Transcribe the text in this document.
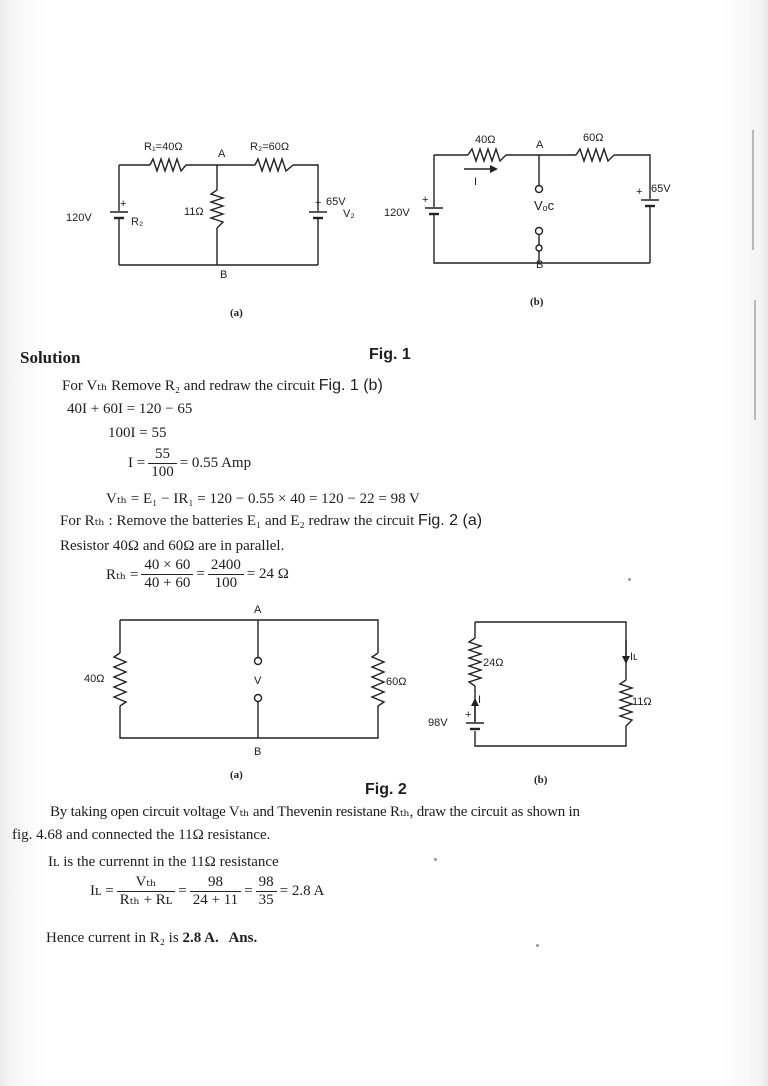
R₁=40Ω	R₂=60Ω
A
B
+
120V	R₂
11Ω
+ 65V
V₂
(a)
40Ω	60Ω
A
I
Vₒᴄ
B
+
120V
+ 65V
(b)
Fig. 1
Solution
For Vₜₕ Remove R₂ and redraw the circuit Fig. 1 (b)
40I + 60I = 120 − 65
100I = 55
$I = \frac{55}{100} = 0.55$ Amp
Vₜₕ = E₁ − IR₁ = 120 − 0.55 × 40 = 120 − 22 = 98 V
For Rₜₕ : Remove the batteries E₁ and E₂ redraw the circuit Fig. 2 (a)
Resistor 40Ω and 60Ω are in parallel.
$R_{th} = \frac{40 \times 60}{40 + 60} = \frac{2400}{100} = 24$ Ω
A
V
B
40Ω	60Ω
(a)
24Ω
I
+
98V
Iʟ
11Ω
(b)
Fig. 2
By taking open circuit voltage Vₜₕ and Thevenin resistane Rₜₕ, draw the circuit as shown in
fig. 4.68 and connected the 11Ω resistance.
Iʟ is the currennt in the 11Ω resistance
Iʟ = $\frac{\text{Vₜₕ}}{\text{Rₜₕ + Rʟ}} = \frac{98}{24 + 11} = \frac{98}{35} = 2.8$ A
Hence current in R₂ is 2.8 A. Ans.
